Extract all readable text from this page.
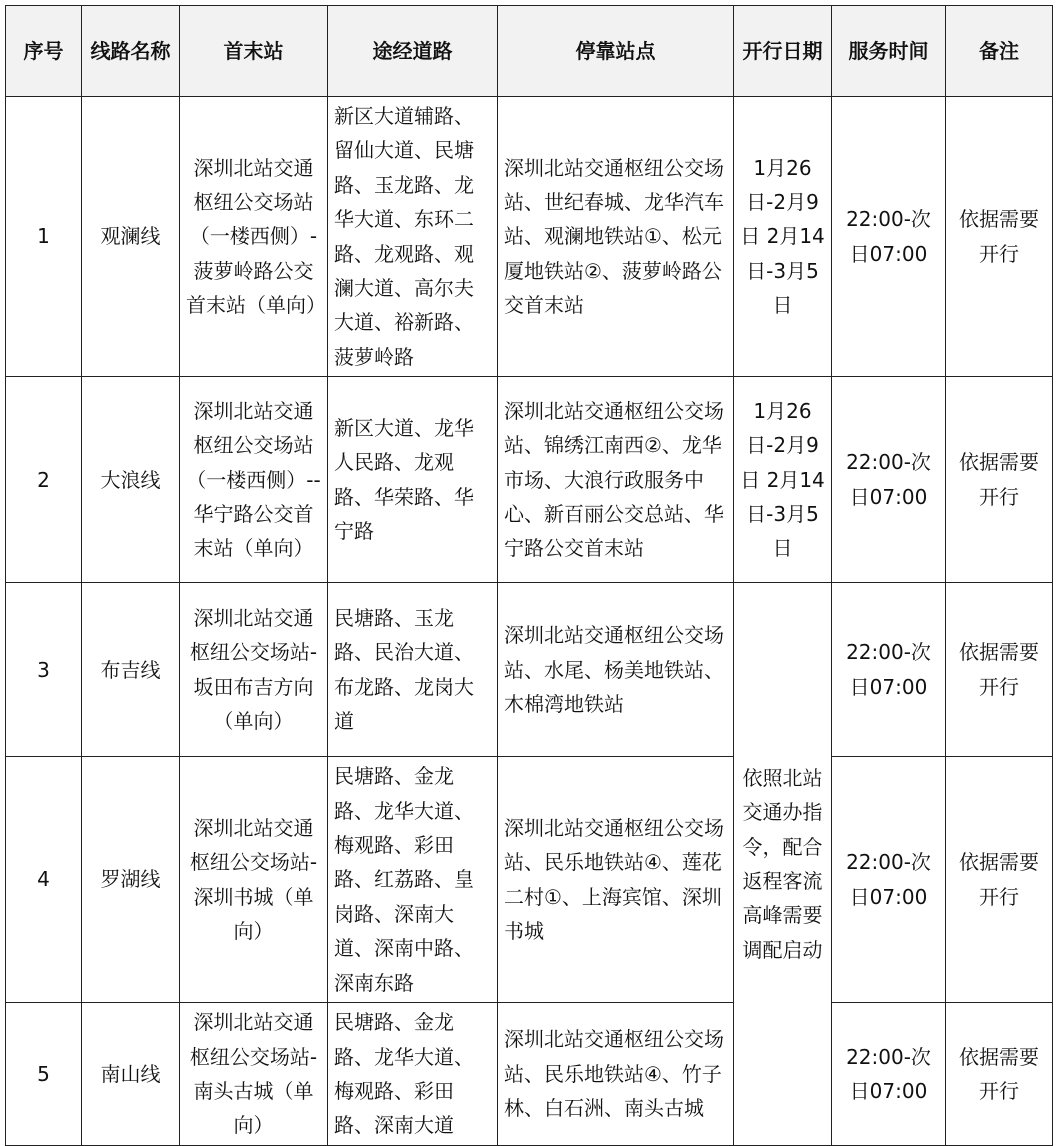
序号	线路名称	首末站	途经道路	停靠站点	开行日期	服务时间	备注
1	观澜线	深圳北站交通枢纽公交场站（一楼西侧）- 菠萝岭路公交首末站（单向）	新区大道辅路、留仙大道、民塘路、玉龙路、龙华大道、东环二路、龙观路、观澜大道、高尔夫大道、裕新路、菠萝岭路	深圳北站交通枢纽公交场站、世纪春城、龙华汽车站、观澜地铁站①、松元厦地铁站②、菠萝岭路公交首末站	1月26日-2月9日 2月14日-3月5日	22:00-次日07:00	依据需要开行
2	大浪线	深圳北站交通枢纽公交场站（一楼西侧）--华宁路公交首末站（单向）	新区大道、龙华人民路、龙观路、华荣路、华宁路	深圳北站交通枢纽公交场站、锦绣江南西②、龙华市场、大浪行政服务中心、新百丽公交总站、华宁路公交首末站	1月26日-2月9日 2月14日-3月5日	22:00-次日07:00	依据需要开行
3	布吉线	深圳北站交通枢纽公交场站-坂田布吉方向（单向）	民塘路、玉龙路、民治大道、布龙路、龙岗大道	深圳北站交通枢纽公交场站、水尾、杨美地铁站、木棉湾地铁站	依照北站交通办指令，配合返程客流高峰需要调配启动	22:00-次日07:00	依据需要开行
4	罗湖线	深圳北站交通枢纽公交场站-深圳书城（单向）	民塘路、金龙路、龙华大道、梅观路、彩田路、红荔路、皇岗路、深南大道、深南中路、深南东路	深圳北站交通枢纽公交场站、民乐地铁站④、莲花二村①、上海宾馆、深圳书城		22:00-次日07:00	依据需要开行
5	南山线	深圳北站交通枢纽公交场站-南头古城（单向）	民塘路、金龙路、龙华大道、梅观路、彩田路、深南大道	深圳北站交通枢纽公交场站、民乐地铁站④、竹子林、白石洲、南头古城		22:00-次日07:00	依据需要开行
